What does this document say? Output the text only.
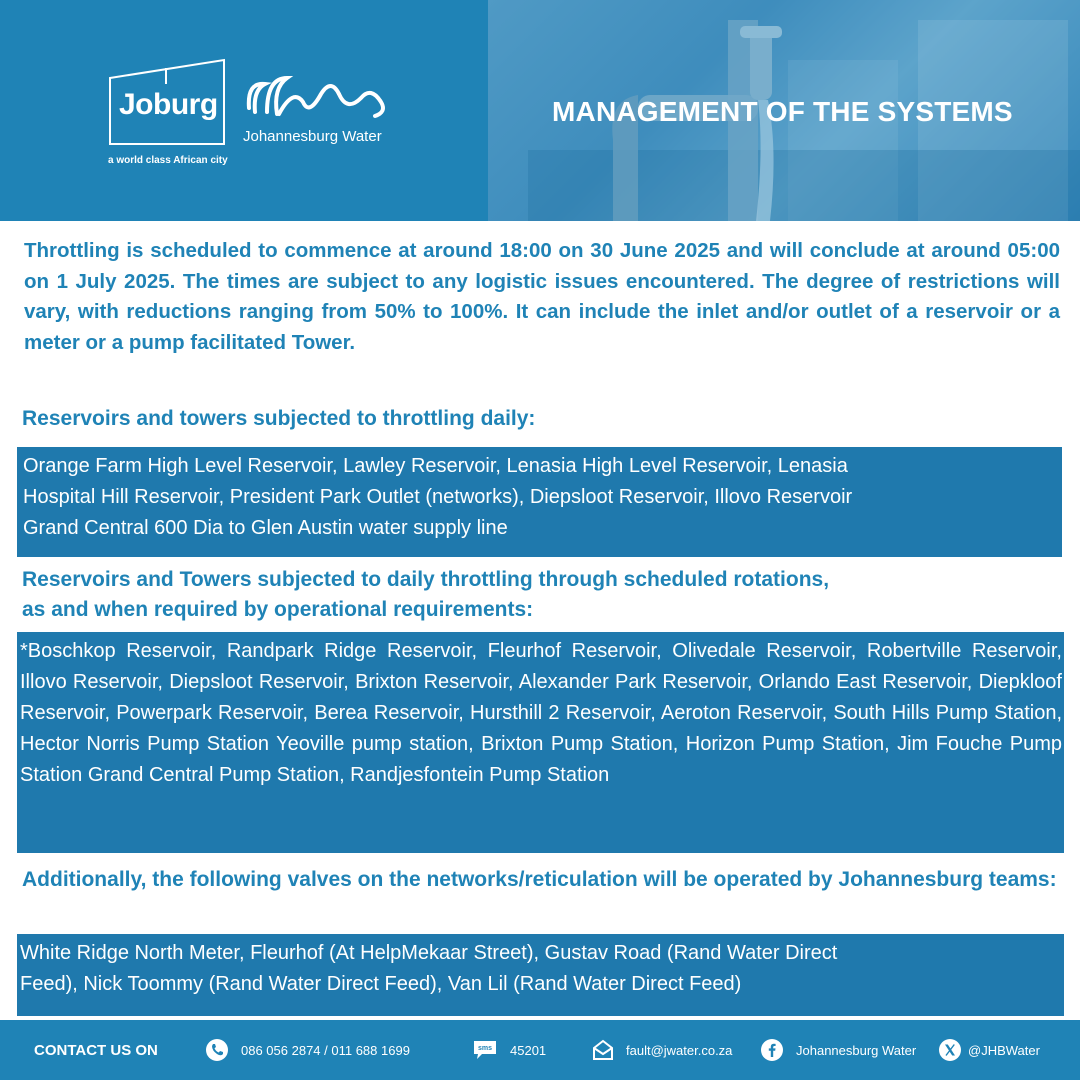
Joburg
a world class African city
Johannesburg Water
MANAGEMENT OF THE SYSTEMS

Throttling is scheduled to commence at around 18:00 on 30 June 2025 and will conclude at around 05:00 on 1 July 2025. The times are subject to any logistic issues encountered. The degree of restrictions will vary, with reductions ranging from 50% to 100%. It can include the inlet and/or outlet of a reservoir or a meter or a pump facilitated Tower.

Reservoirs and towers subjected to throttling daily:
Orange Farm High Level Reservoir, Lawley Reservoir, Lenasia High Level Reservoir, Lenasia
Hospital Hill Reservoir, President Park Outlet (networks), Diepsloot Reservoir, Illovo Reservoir
Grand Central 600 Dia to Glen Austin water supply line
Reservoirs and Towers subjected to daily throttling through scheduled rotations,
as and when required by operational requirements:
*Boschkop Reservoir, Randpark Ridge Reservoir, Fleurhof Reservoir, Olivedale Reservoir, Robertville Reservoir, Illovo Reservoir, Diepsloot Reservoir, Brixton Reservoir, Alexander Park Reservoir, Orlando East Reservoir, Diepkloof Reservoir, Powerpark Reservoir, Berea Reservoir, Hursthill 2 Reservoir, Aeroton Reservoir, South Hills Pump Station, Hector Norris Pump Station Yeoville pump station, Brixton Pump Station, Horizon Pump Station, Jim Fouche Pump Station Grand Central Pump Station, Randjesfontein Pump Station
Additionally, the following valves on the networks/reticulation will be operated by Johannesburg teams:
White Ridge North Meter, Fleurhof (At HelpMekaar Street), Gustav Road (Rand Water Direct
Feed), Nick Toommy (Rand Water Direct Feed), Van Lil (Rand Water Direct Feed)
CONTACT US ON	086 056 2874 / 011 688 1699	sms 45201	fault@jwater.co.za	Johannesburg Water	@JHBWater
